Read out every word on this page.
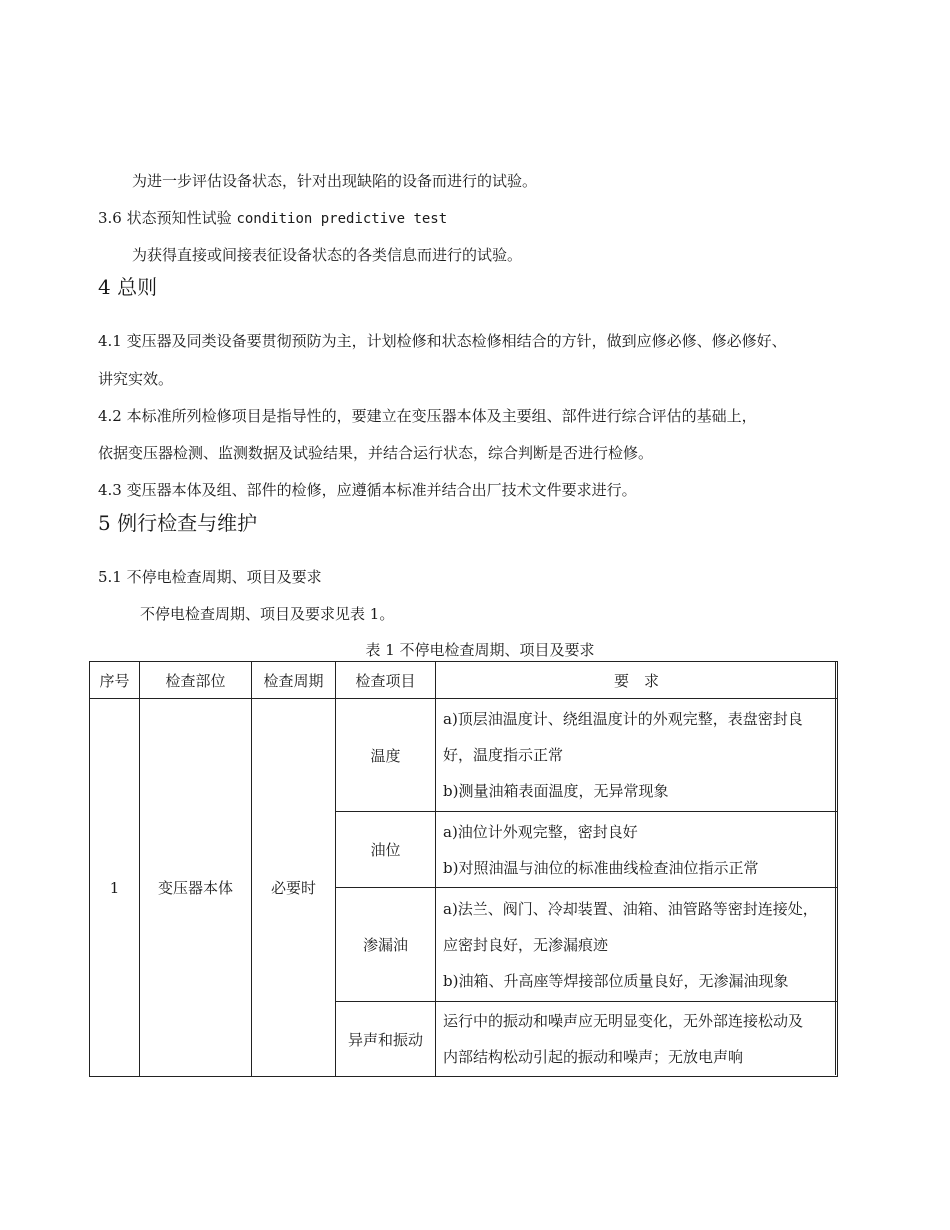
为进一步评估设备状态，针对出现缺陷的设备而进行的试验。
3.6 状态预知性试验 condition predictive test
为获得直接或间接表征设备状态的各类信息而进行的试验。
4 总则
4.1 变压器及同类设备要贯彻预防为主，计划检修和状态检修相结合的方针，做到应修必修、修必修好、
讲究实效。
4.2 本标准所列检修项目是指导性的，要建立在变压器本体及主要组、部件进行综合评估的基础上，
依据变压器检测、监测数据及试验结果，并结合运行状态，综合判断是否进行检修。
4.3 变压器本体及组、部件的检修，应遵循本标准并结合出厂技术文件要求进行。
5 例行检查与维护
5.1 不停电检查周期、项目及要求
不停电检查周期、项目及要求见表 1。
表 1 不停电检查周期、项目及要求
序号	检查部位	检查周期	检查项目	要　求
1	变压器本体	必要时	温度	a)顶层油温度计、绕组温度计的外观完整，表盘密封良
好，温度指示正常
b)测量油箱表面温度，无异常现象

			油位	a)油位计外观完整，密封良好
b)对照油温与油位的标准曲线检查油位指示正常

			渗漏油	a)法兰、阀门、冷却装置、油箱、油管路等密封连接处，
应密封良好，无渗漏痕迹
b)油箱、升高座等焊接部位质量良好，无渗漏油现象

			异声和振动	运行中的振动和噪声应无明显变化，无外部连接松动及
内部结构松动引起的振动和噪声；无放电声响
